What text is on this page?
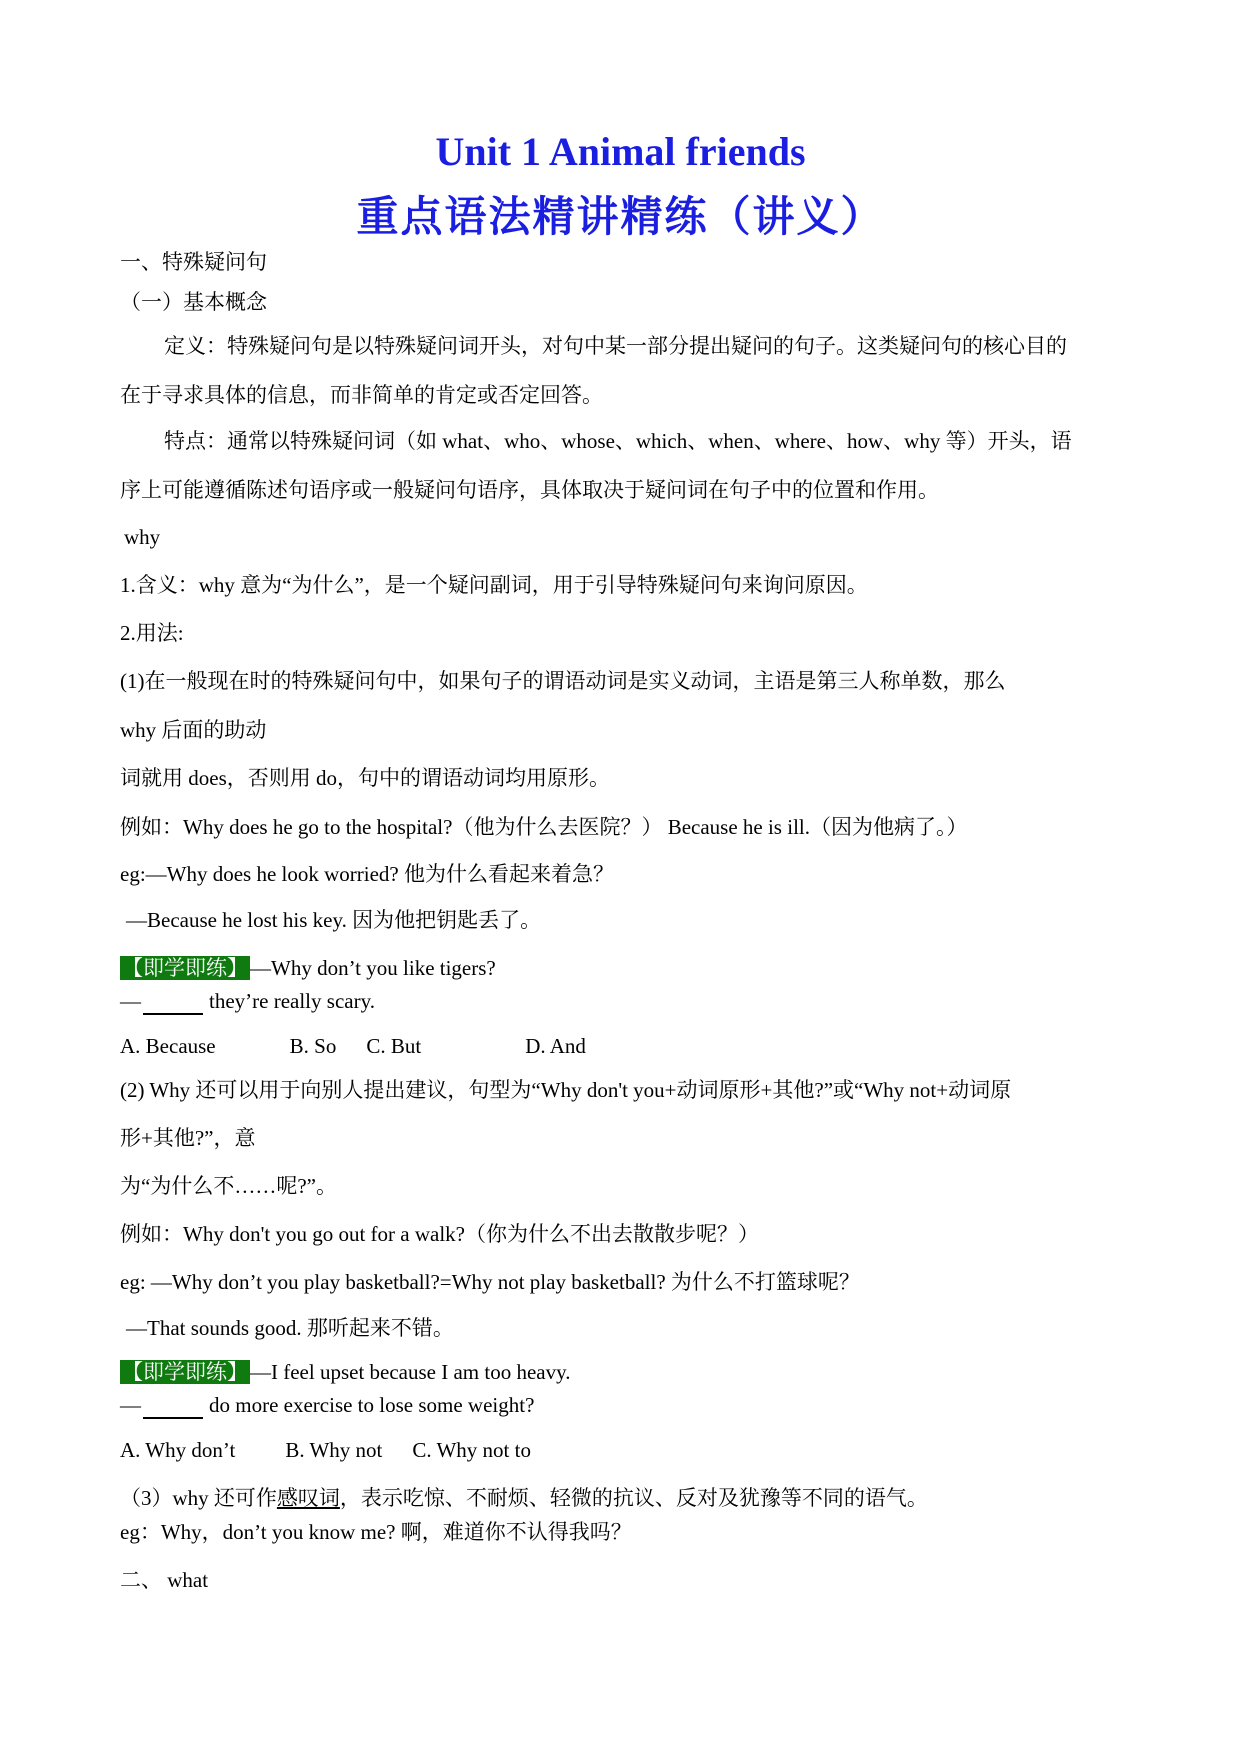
Unit 1 Animal friends
重点语法精讲精练（讲义）
一、特殊疑问句
（一）基本概念
定义：特殊疑问句是以特殊疑问词开头，对句中某一部分提出疑问的句子。这类疑问句的核心目的
在于寻求具体的信息，而非简单的肯定或否定回答。
特点：通常以特殊疑问词（如 what、who、whose、which、when、where、how、why 等）开头，语
序上可能遵循陈述句语序或一般疑问句语序，具体取决于疑问词在句子中的位置和作用。
why
1.含义：why 意为“为什么”，是一个疑问副词，用于引导特殊疑问句来询问原因。
2.用法:
(1)在一般现在时的特殊疑问句中，如果句子的谓语动词是实义动词，主语是第三人称单数，那么
why 后面的助动
词就用 does，否则用 do，句中的谓语动词均用原形。
例如：Why does he go to the hospital?（他为什么去医院？） Because he is ill.（因为他病了。）
eg:—Why does he look worried? 他为什么看起来着急？
—Because he lost his key. 因为他把钥匙丢了。
【即学即练】—Why don’t you like tigers?
—	they’re really scary.
A. Because	B. So C. But	D. And
(2) Why 还可以用于向别人提出建议，句型为“Why don't you+动词原形+其他?”或“Why not+动词原
形+其他?”，意
为“为什么不……呢?”。
例如：Why don't you go out for a walk?（你为什么不出去散散步呢？）
eg: —Why don’t you play basketball?=Why not play basketball? 为什么不打篮球呢？
—That sounds good. 那听起来不错。
【即学即练】—I feel upset because I am too heavy.
—	do more exercise to lose some weight?
A. Why don’t B. Why not C. Why not to
（3）why 还可作感叹词，表示吃惊、不耐烦、轻微的抗议、反对及犹豫等不同的语气。
eg：Why，don’t you know me? 啊，难道你不认得我吗？
二、 what
